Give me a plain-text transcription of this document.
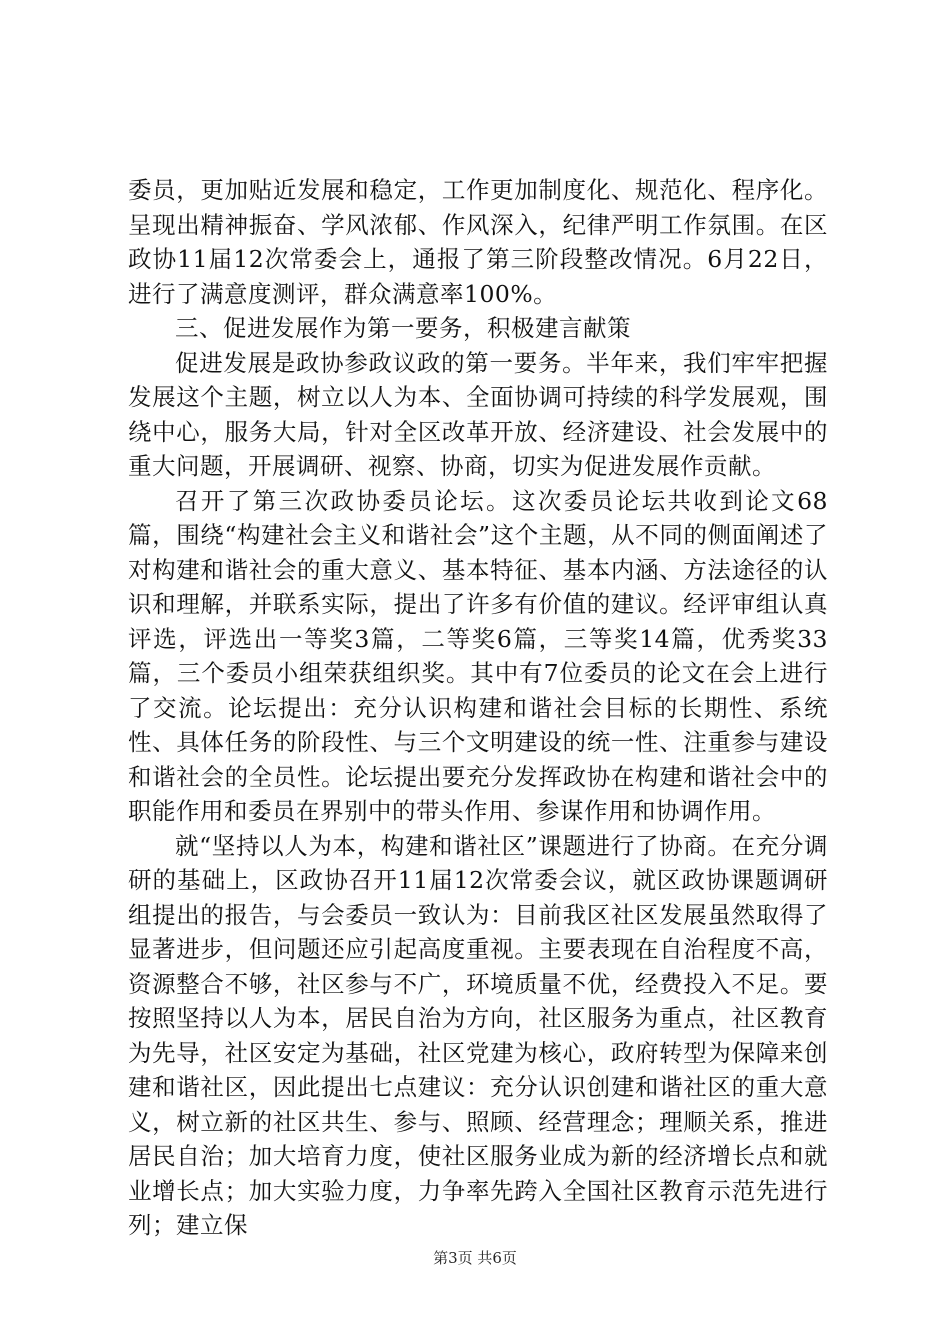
委员，更加贴近发展和稳定，工作更加制度化、规范化、程序化。呈现出精神振奋、学风浓郁、作风深入，纪律严明工作氛围。在区政协11届12次常委会上，通报了第三阶段整改情况。6月22日，进行了满意度测评，群众满意率100%。

三、促进发展作为第一要务，积极建言献策

促进发展是政协参政议政的第一要务。半年来，我们牢牢把握发展这个主题，树立以人为本、全面协调可持续的科学发展观，围绕中心，服务大局，针对全区改革开放、经济建设、社会发展中的重大问题，开展调研、视察、协商，切实为促进发展作贡献。

召开了第三次政协委员论坛。这次委员论坛共收到论文68篇，围绕“构建社会主义和谐社会”这个主题，从不同的侧面阐述了对构建和谐社会的重大意义、基本特征、基本内涵、方法途径的认识和理解，并联系实际，提出了许多有价值的建议。经评审组认真评选，评选出一等奖3篇，二等奖6篇，三等奖14篇，优秀奖33篇，三个委员小组荣获组织奖。其中有7位委员的论文在会上进行了交流。论坛提出：充分认识构建和谐社会目标的长期性、系统性、具体任务的阶段性、与三个文明建设的统一性、注重参与建设和谐社会的全员性。论坛提出要充分发挥政协在构建和谐社会中的职能作用和委员在界别中的带头作用、参谋作用和协调作用。

就“坚持以人为本，构建和谐社区”课题进行了协商。在充分调研的基础上，区政协召开11届12次常委会议，就区政协课题调研组提出的报告，与会委员一致认为：目前我区社区发展虽然取得了显著进步，但问题还应引起高度重视。主要表现在自治程度不高，资源整合不够，社区参与不广，环境质量不优，经费投入不足。要按照坚持以人为本，居民自治为方向，社区服务为重点，社区教育为先导，社区安定为基础，社区党建为核心，政府转型为保障来创建和谐社区，因此提出七点建议：充分认识创建和谐社区的重大意义，树立新的社区共生、参与、照顾、经营理念；理顺关系，推进居民自治；加大培育力度，使社区服务业成为新的经济增长点和就业增长点；加大实验力度，力争率先跨入全国社区教育示范先进行列；建立保

第3页 共6页
